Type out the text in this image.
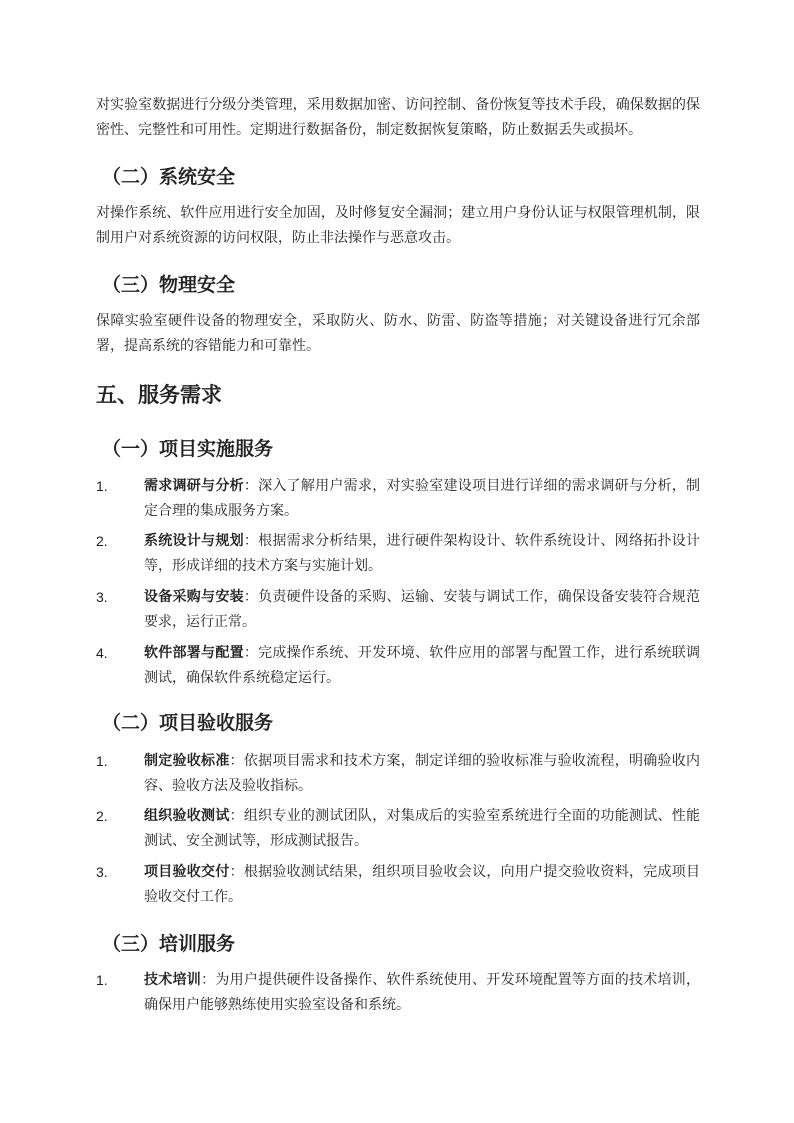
对实验室数据进行分级分类管理，采用数据加密、访问控制、备份恢复等技术手段，确保数据的保密性、完整性和可用性。定期进行数据备份，制定数据恢复策略，防止数据丢失或损坏。

（二）系统安全

对操作系统、软件应用进行安全加固，及时修复安全漏洞；建立用户身份认证与权限管理机制，限制用户对系统资源的访问权限，防止非法操作与恶意攻击。

（三）物理安全

保障实验室硬件设备的物理安全，采取防火、防水、防雷、防盗等措施；对关键设备进行冗余部署，提高系统的容错能力和可靠性。

五、服务需求
（一）项目实施服务
1.	需求调研与分析：深入了解用户需求，对实验室建设项目进行详细的需求调研与分析，制定合理的集成服务方案。
2.	系统设计与规划：根据需求分析结果，进行硬件架构设计、软件系统设计、网络拓扑设计等，形成详细的技术方案与实施计划。
3.	设备采购与安装：负责硬件设备的采购、运输、安装与调试工作，确保设备安装符合规范要求，运行正常。
4.	软件部署与配置：完成操作系统、开发环境、软件应用的部署与配置工作，进行系统联调测试，确保软件系统稳定运行。
（二）项目验收服务
1.	制定验收标准：依据项目需求和技术方案，制定详细的验收标准与验收流程，明确验收内容、验收方法及验收指标。
2.	组织验收测试：组织专业的测试团队，对集成后的实验室系统进行全面的功能测试、性能测试、安全测试等，形成测试报告。
3.	项目验收交付：根据验收测试结果，组织项目验收会议，向用户提交验收资料，完成项目验收交付工作。
（三）培训服务
1.	技术培训：为用户提供硬件设备操作、软件系统使用、开发环境配置等方面的技术培训，确保用户能够熟练使用实验室设备和系统。
